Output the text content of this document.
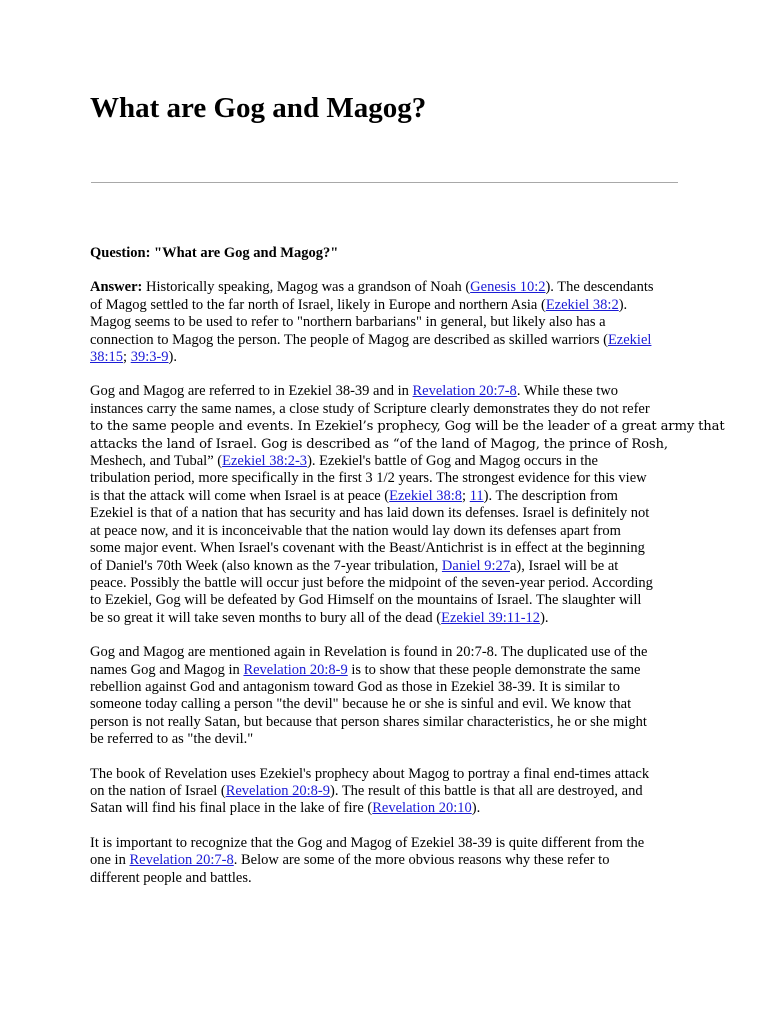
What are Gog and Magog?

Question: "What are Gog and Magog?"

Answer: Historically speaking, Magog was a grandson of Noah (Genesis 10:2). The descendants
of Magog settled to the far north of Israel, likely in Europe and northern Asia (Ezekiel 38:2).
Magog seems to be used to refer to "northern barbarians" in general, but likely also has a
connection to Magog the person. The people of Magog are described as skilled warriors (Ezekiel
38:15; 39:3-9).

Gog and Magog are referred to in Ezekiel 38-39 and in Revelation 20:7-8. While these two
instances carry the same names, a close study of Scripture clearly demonstrates they do not refer
to the same people and events. In Ezekiel’s prophecy, Gog will be the leader of a great army that
attacks the land of Israel. Gog is described as “of the land of Magog, the prince of Rosh,
Meshech, and Tubal” (Ezekiel 38:2-3). Ezekiel's battle of Gog and Magog occurs in the
tribulation period, more specifically in the first 3 1/2 years. The strongest evidence for this view
is that the attack will come when Israel is at peace (Ezekiel 38:8; 11). The description from
Ezekiel is that of a nation that has security and has laid down its defenses. Israel is definitely not
at peace now, and it is inconceivable that the nation would lay down its defenses apart from
some major event. When Israel's covenant with the Beast/Antichrist is in effect at the beginning
of Daniel's 70th Week (also known as the 7-year tribulation, Daniel 9:27a), Israel will be at
peace. Possibly the battle will occur just before the midpoint of the seven-year period. According
to Ezekiel, Gog will be defeated by God Himself on the mountains of Israel. The slaughter will
be so great it will take seven months to bury all of the dead (Ezekiel 39:11-12).

Gog and Magog are mentioned again in Revelation is found in 20:7-8. The duplicated use of the
names Gog and Magog in Revelation 20:8-9 is to show that these people demonstrate the same
rebellion against God and antagonism toward God as those in Ezekiel 38-39. It is similar to
someone today calling a person "the devil" because he or she is sinful and evil. We know that
person is not really Satan, but because that person shares similar characteristics, he or she might
be referred to as "the devil."

The book of Revelation uses Ezekiel's prophecy about Magog to portray a final end-times attack
on the nation of Israel (Revelation 20:8-9). The result of this battle is that all are destroyed, and
Satan will find his final place in the lake of fire (Revelation 20:10).

It is important to recognize that the Gog and Magog of Ezekiel 38-39 is quite different from the
one in Revelation 20:7-8. Below are some of the more obvious reasons why these refer to
different people and battles.
